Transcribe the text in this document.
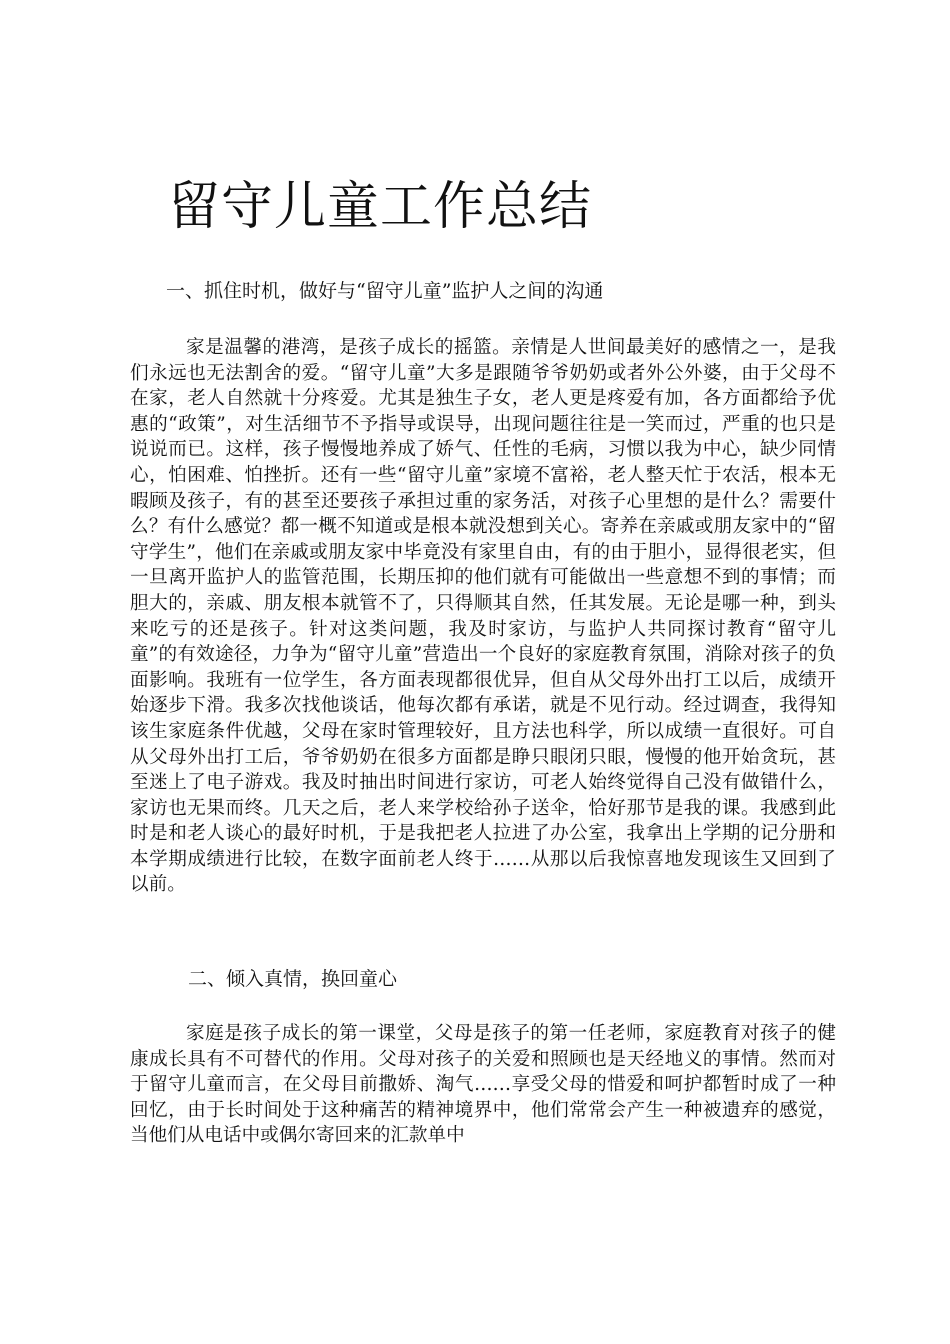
留守儿童工作总结
一、抓住时机，做好与“留守儿童”监护人之间的沟通

家是温馨的港湾，是孩子成长的摇篮。亲情是人世间最美好的感情之一，是我们永远也无法割舍的爱。“留守儿童”大多是跟随爷爷奶奶或者外公外婆，由于父母不在家，老人自然就十分疼爱。尤其是独生子女，老人更是疼爱有加，各方面都给予优惠的“政策”，对生活细节不予指导或误导，出现问题往往是一笑而过，严重的也只是说说而已。这样，孩子慢慢地养成了娇气、任性的毛病，习惯以我为中心，缺少同情心，怕困难、怕挫折。还有一些“留守儿童”家境不富裕，老人整天忙于农活，根本无暇顾及孩子，有的甚至还要孩子承担过重的家务活，对孩子心里想的是什么？需要什么？有什么感觉？都一概不知道或是根本就没想到关心。寄养在亲戚或朋友家中的“留守学生”，他们在亲戚或朋友家中毕竟没有家里自由，有的由于胆小，显得很老实，但一旦离开监护人的监管范围，长期压抑的他们就有可能做出一些意想不到的事情；而胆大的，亲戚、朋友根本就管不了，只得顺其自然，任其发展。无论是哪一种，到头来吃亏的还是孩子。针对这类问题，我及时家访，与监护人共同探讨教育“留守儿童”的有效途径，力争为“留守儿童”营造出一个良好的家庭教育氛围，消除对孩子的负面影响。我班有一位学生，各方面表现都很优异，但自从父母外出打工以后，成绩开始逐步下滑。我多次找他谈话，他每次都有承诺，就是不见行动。经过调查，我得知该生家庭条件优越，父母在家时管理较好，且方法也科学，所以成绩一直很好。可自从父母外出打工后，爷爷奶奶在很多方面都是睁只眼闭只眼，慢慢的他开始贪玩，甚至迷上了电子游戏。我及时抽出时间进行家访，可老人始终觉得自己没有做错什么，家访也无果而终。几天之后，老人来学校给孙子送伞，恰好那节是我的课。我感到此时是和老人谈心的最好时机，于是我把老人拉进了办公室，我拿出上学期的记分册和本学期成绩进行比较，在数字面前老人终于……从那以后我惊喜地发现该生又回到了以前。

二、倾入真情，换回童心

家庭是孩子成长的第一课堂，父母是孩子的第一任老师，家庭教育对孩子的健康成长具有不可替代的作用。父母对孩子的关爱和照顾也是天经地义的事情。然而对于留守儿童而言，在父母目前撒娇、淘气……享受父母的惜爱和呵护都暂时成了一种回忆，由于长时间处于这种痛苦的精神境界中，他们常常会产生一种被遗弃的感觉，当他们从电话中或偶尔寄回来的汇款单中
